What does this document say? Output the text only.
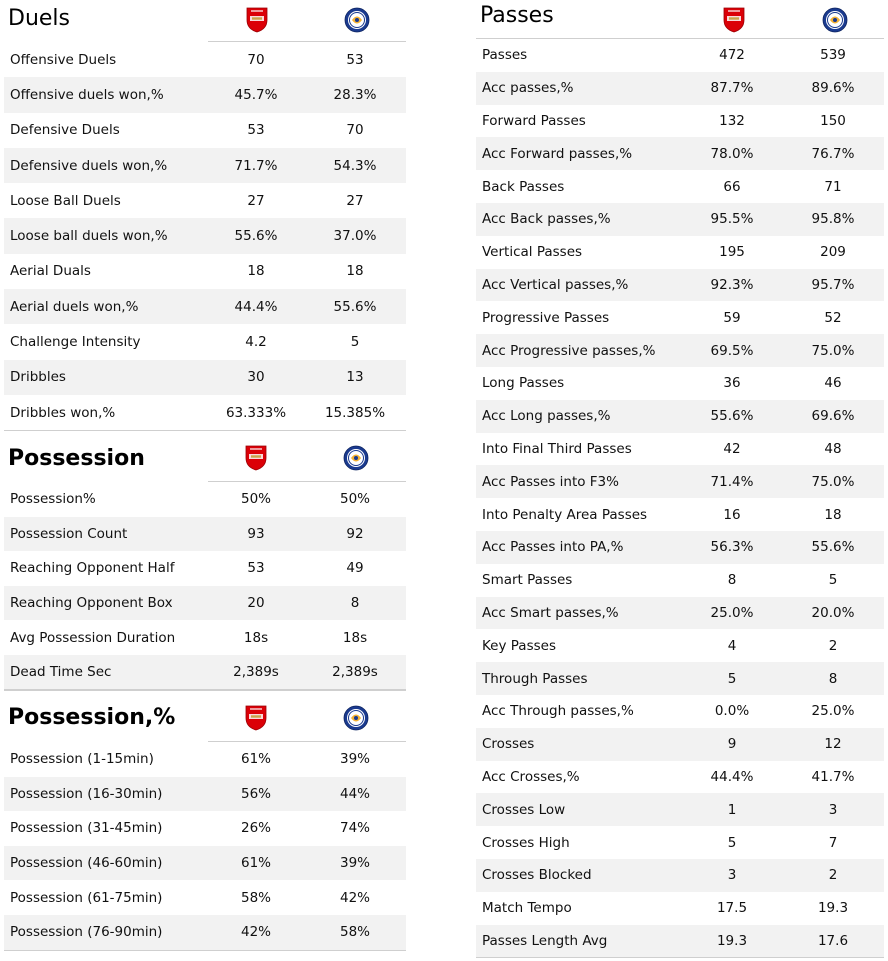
Duels
Offensive Duels	70	53
Offensive duels won,%	45.7%	28.3%
Defensive Duels	53	70
Defensive duels won,%	71.7%	54.3%
Loose Ball Duels	27	27
Loose ball duels won,%	55.6%	37.0%
Aerial Duals	18	18
Aerial duels won,%	44.4%	55.6%
Challenge Intensity	4.2	5
Dribbles	30	13
Dribbles won,%	63.333%	15.385%
Possession
Possession%	50%	50%
Possession Count	93	92
Reaching Opponent Half	53	49
Reaching Opponent Box	20	8
Avg Possession Duration	18s	18s
Dead Time Sec	2,389s	2,389s
Possession,%
Possession (1-15min)	61%	39%
Possession (16-30min)	56%	44%
Possession (31-45min)	26%	74%
Possession (46-60min)	61%	39%
Possession (61-75min)	58%	42%
Possession (76-90min)	42%	58%
Passes
Passes	472	539
Acc passes,%	87.7%	89.6%
Forward Passes	132	150
Acc Forward passes,%	78.0%	76.7%
Back Passes	66	71
Acc Back passes,%	95.5%	95.8%
Vertical Passes	195	209
Acc Vertical passes,%	92.3%	95.7%
Progressive Passes	59	52
Acc Progressive passes,%	69.5%	75.0%
Long Passes	36	46
Acc Long passes,%	55.6%	69.6%
Into Final Third Passes	42	48
Acc Passes into F3%	71.4%	75.0%
Into Penalty Area Passes	16	18
Acc Passes into PA,%	56.3%	55.6%
Smart Passes	8	5
Acc Smart passes,%	25.0%	20.0%
Key Passes	4	2
Through Passes	5	8
Acc Through passes,%	0.0%	25.0%
Crosses	9	12
Acc Crosses,%	44.4%	41.7%
Crosses Low	1	3
Crosses High	5	7
Crosses Blocked	3	2
Match Tempo	17.5	19.3
Passes Length Avg	19.3	17.6
